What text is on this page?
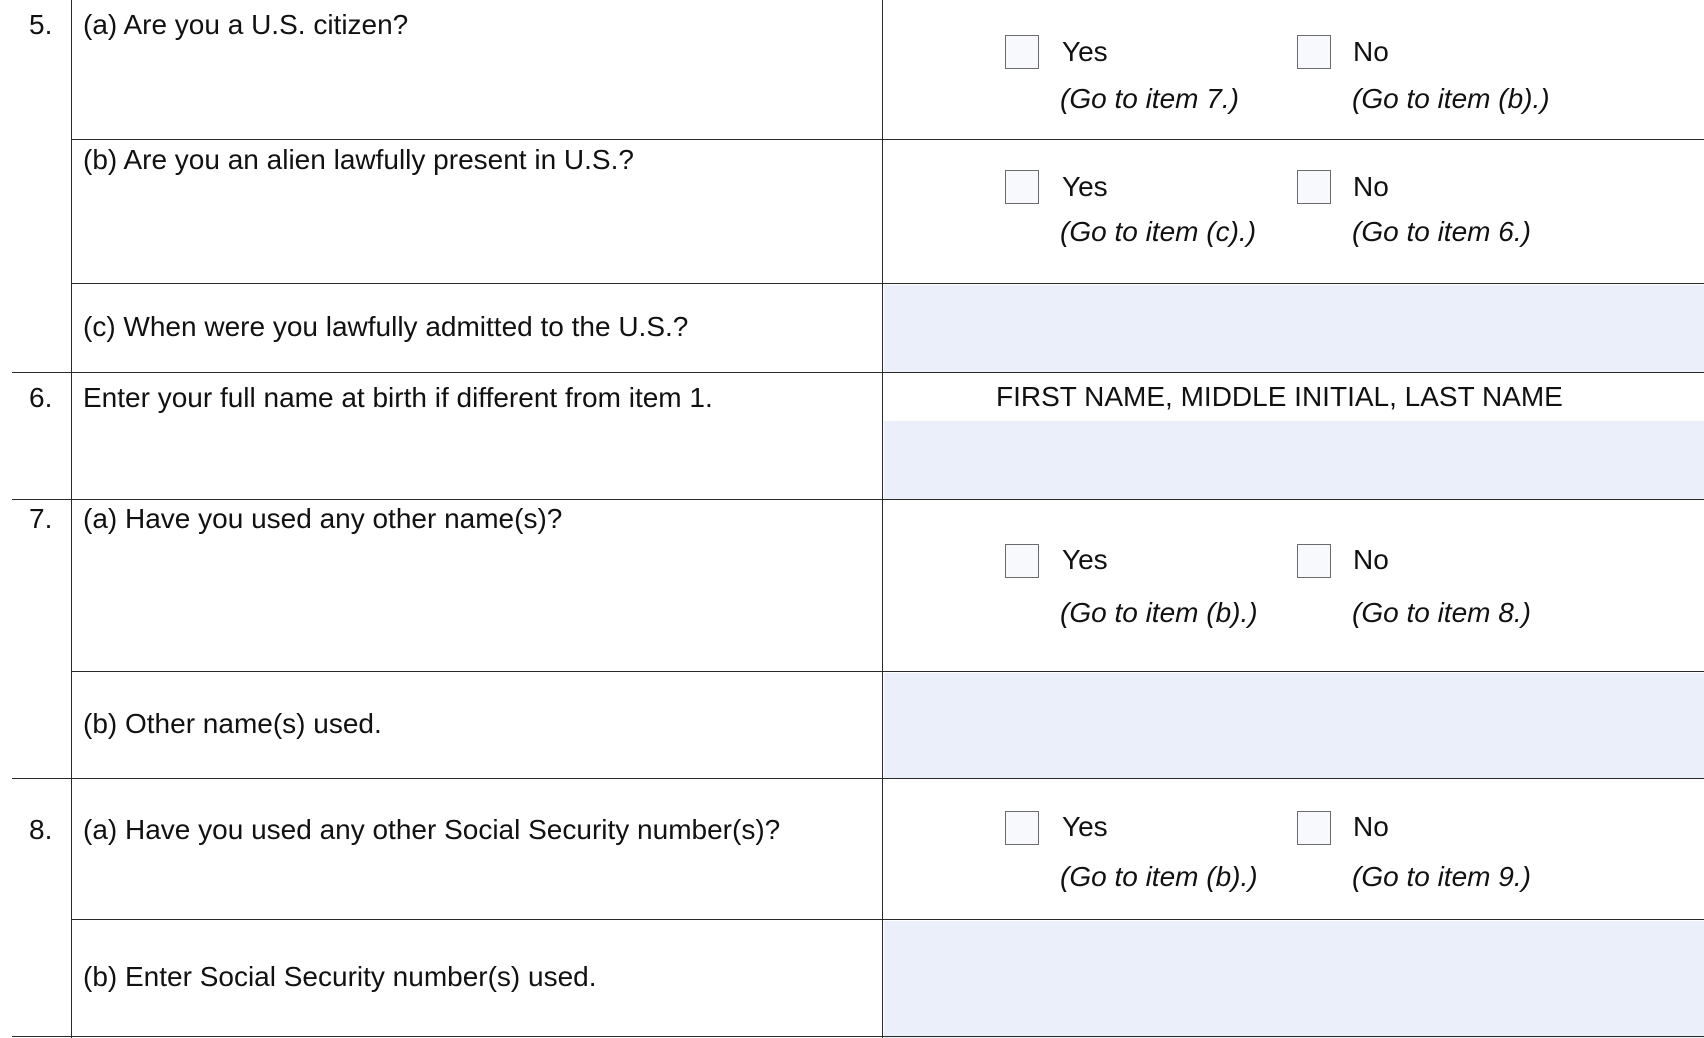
5. (a) Are you a U.S. citizen?
Yes
(Go to item 7.)
No
(Go to item (b).)
(b) Are you an alien lawfully present in U.S.?
Yes
(Go to item (c).)
No
(Go to item 6.)
(c) When were you lawfully admitted to the U.S.?
6. Enter your full name at birth if different from item 1.	FIRST NAME, MIDDLE INITIAL, LAST NAME
7. (a) Have you used any other name(s)?
Yes
(Go to item (b).)
No
(Go to item 8.)
(b) Other name(s) used.
8. (a) Have you used any other Social Security number(s)?	Yes
(Go to item (b).)
No
(Go to item 9.)
(b) Enter Social Security number(s) used.
